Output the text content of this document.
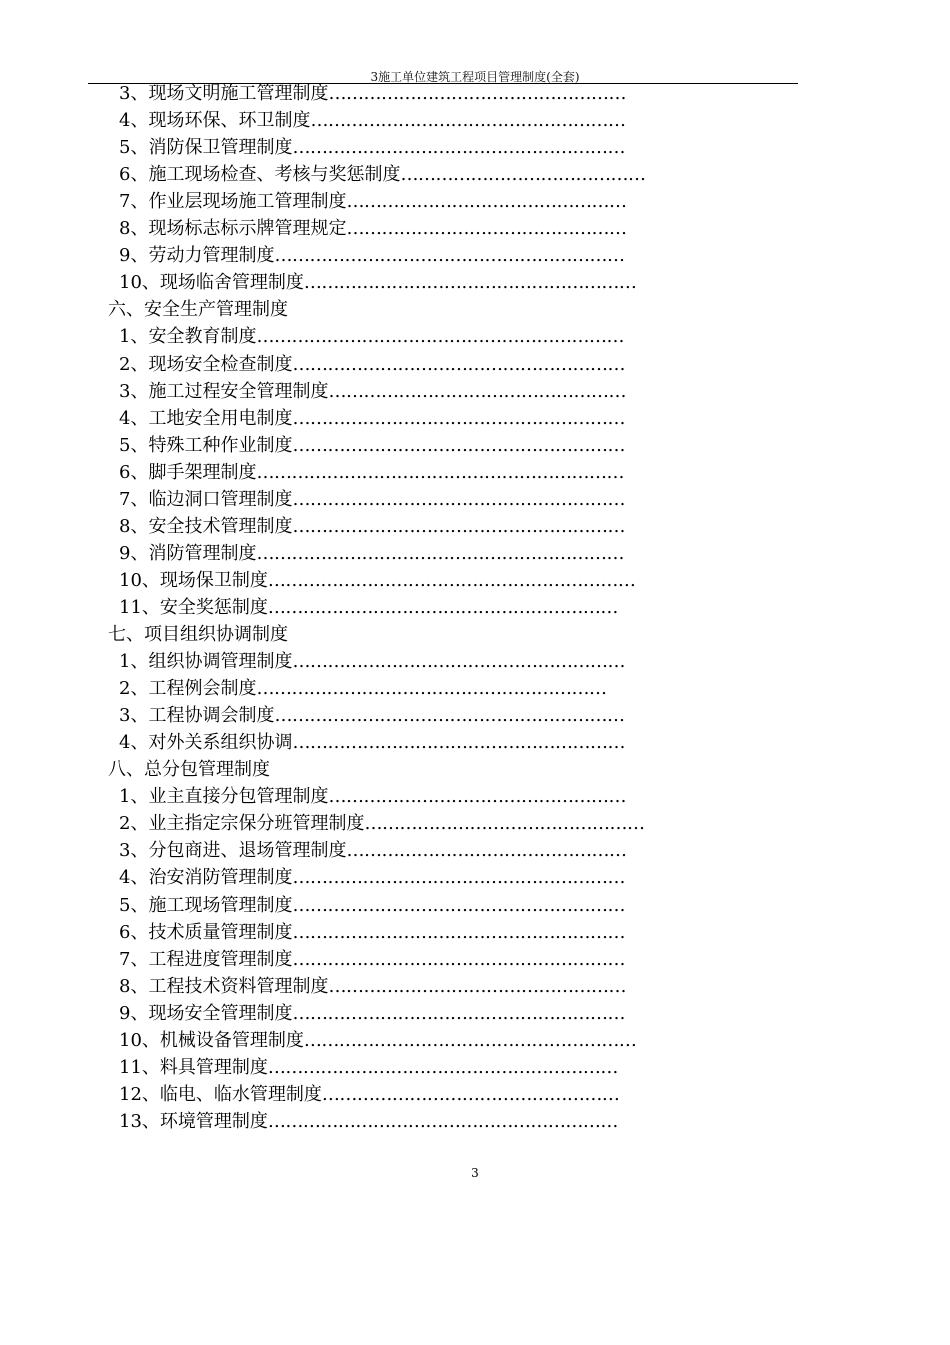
3施工单位建筑工程项目管理制度(全套)
3、现场文明施工管理制度……………………………………………
4、现场环保、环卫制度………………………………………………
5、消防保卫管理制度…………………………………………………
6、施工现场检查、考核与奖惩制度……………………………………
7、作业层现场施工管理制度…………………………………………
8、现场标志标示牌管理规定…………………………………………
9、劳动力管理制度……………………………………………………
10、现场临舍管理制度…………………………………………………
六、安全生产管理制度
1、安全教育制度………………………………………………………
2、现场安全检查制度…………………………………………………
3、施工过程安全管理制度……………………………………………
4、工地安全用电制度…………………………………………………
5、特殊工种作业制度…………………………………………………
6、脚手架理制度………………………………………………………
7、临边洞口管理制度…………………………………………………
8、安全技术管理制度…………………………………………………
9、消防管理制度………………………………………………………
10、现场保卫制度………………………………………………………
11、安全奖惩制度……………………………………………………
七、项目组织协调制度
1、组织协调管理制度…………………………………………………
2、工程例会制度……………………………………………………
3、工程协调会制度……………………………………………………
4、对外关系组织协调…………………………………………………
八、总分包管理制度
1、业主直接分包管理制度……………………………………………
2、业主指定宗保分班管理制度…………………………………………
3、分包商进、退场管理制度…………………………………………
4、治安消防管理制度…………………………………………………
5、施工现场管理制度…………………………………………………
6、技术质量管理制度…………………………………………………
7、工程进度管理制度…………………………………………………
8、工程技术资料管理制度……………………………………………
9、现场安全管理制度…………………………………………………
10、机械设备管理制度…………………………………………………
11、料具管理制度……………………………………………………
12、临电、临水管理制度……………………………………………
13、环境管理制度……………………………………………………
3
